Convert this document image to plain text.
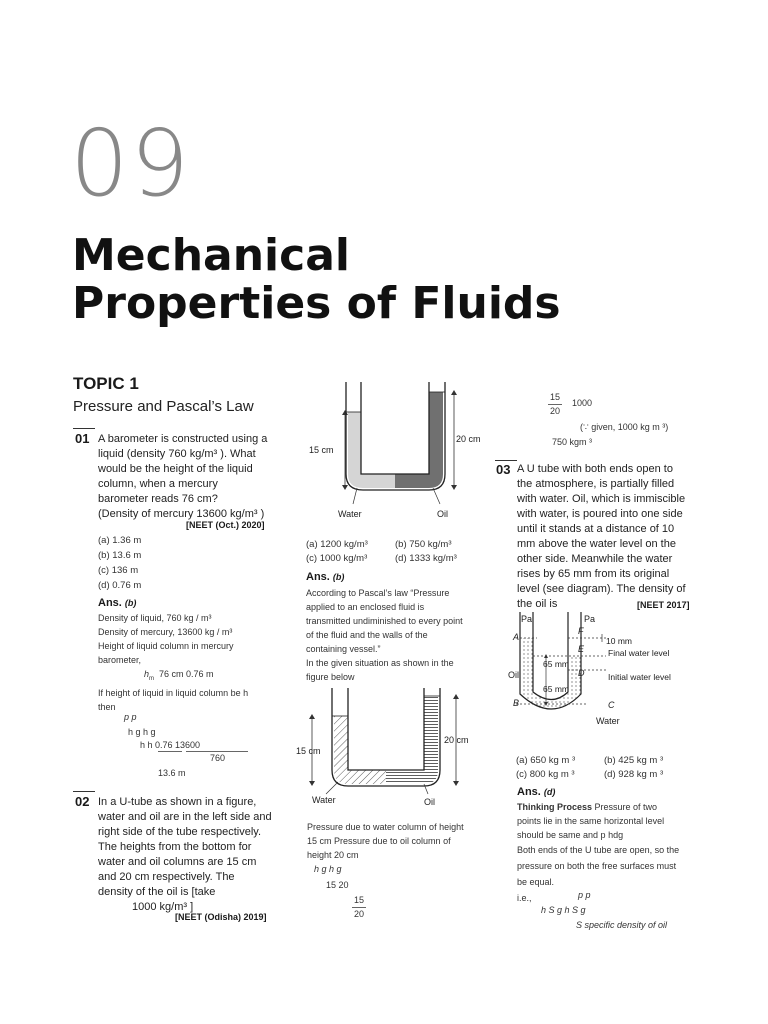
09
Mechanical
Properties of Fluids
TOPIC 1
Pressure and Pascal’s Law
01 A barometer is constructed using a
liquid (density 760 kg/m³ ). What
would be the height of the liquid
column, when a mercury
barometer reads 76 cm?
(Density of mercury 13600 kg/m³ )
[NEET (Oct.) 2020]
(a) 1.36 m
(b) 13.6 m
(c) 136 m
(d) 0.76 m
Ans. (b)
Density of liquid, 760 kg / m³
Density of mercury, 13600 kg / m³
Height of liquid column in mercury
barometer,
$h_m$ 76 cm 0.76 m
If height of liquid in liquid column be h
then
p p
h g h g
h h 0.76 13600
760
13.6 m
02 In a U-tube as shown in a figure,
water and oil are in the left side and
right side of the tube respectively.
The heights from the bottom for
water and oil columns are 15 cm
and 20 cm respectively. The
density of the oil is [take
1000 kg/m³ ]
[NEET (Odisha) 2019]
15 cm
20 cm
Water	Oil
(a) 1200 kg/m³	(b) 750 kg/m³
(c) 1000 kg/m³	(d) 1333 kg/m³
Ans. (b)
According to Pascal’s law “Pressure
applied to an enclosed fluid is
transmitted undiminished to every point
of the fluid and the walls of the
containing vessel.”
In the given situation as shown in the
figure below
15 cm
20 cm
Water	Oil
Pressure due to water column of height
15 cm Pressure due to oil column of
height 20 cm
h g h g
15 20
15
20
15
20
1000
(∵ given, 1000 kg m ³)
750 kgm ³
03 A U tube with both ends open to
the atmosphere, is partially filled
with water. Oil, which is immiscible
with water, is poured into one side
until it stands at a distance of 10
mm above the water level on the
other side. Meanwhile the water
rises by 65 mm from its original
level (see diagram). The density of
the oil is	[NEET 2017]
Pa	Pa
A
F
E
D
B	C
10 mm
Final water level
Initial water level
65 mm
65 mm
Oil
Water
(a) 650 kg m ³	(b) 425 kg m ³
(c) 800 kg m ³	(d) 928 kg m ³
Ans. (d)
Thinking Process Pressure of two
points lie in the same horizontal level
should be same and p hdg
Both ends of the U tube are open, so the
pressure on both the free surfaces must
be equal.
i.e.,	p p
h S g h S g
S specific density of oil
